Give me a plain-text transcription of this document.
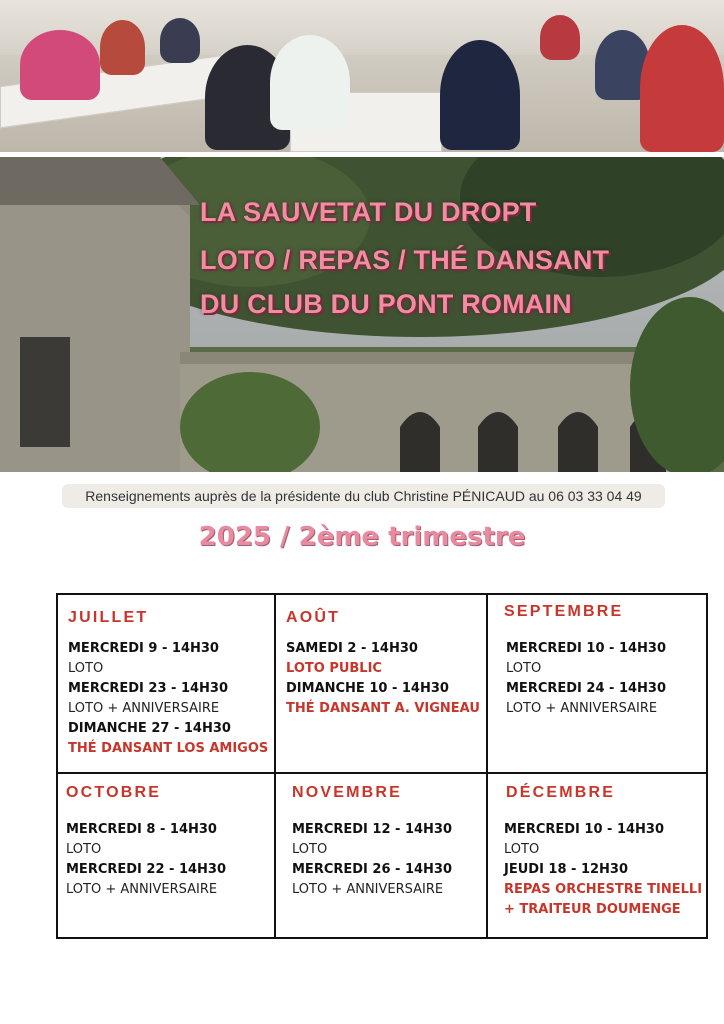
LA SAUVETAT DU DROPT

LOTO / REPAS / THÉ DANSANT

DU CLUB DU PONT ROMAIN

Renseignements auprès de la présidente du club Christine PÉNICAUD au 06 03 33 04 49
2025 / 2ème trimestre
JUILLET
MERCREDI 9 - 14H30
LOTO
MERCREDI 23 - 14H30
LOTO + ANNIVERSAIRE
DIMANCHE 27 - 14H30
THÉ DANSANT LOS AMIGOS
AOÛT
SAMEDI 2 - 14H30
LOTO PUBLIC
DIMANCHE 10 - 14H30
THÉ DANSANT A. VIGNEAU
SEPTEMBRE
MERCREDI 10 - 14H30
LOTO
MERCREDI 24 - 14H30
LOTO + ANNIVERSAIRE
OCTOBRE
MERCREDI 8 - 14H30
LOTO
MERCREDI 22 - 14H30
LOTO + ANNIVERSAIRE
NOVEMBRE
MERCREDI 12 - 14H30
LOTO
MERCREDI 26 - 14H30
LOTO + ANNIVERSAIRE
DÉCEMBRE
MERCREDI 10 - 14H30
LOTO
JEUDI 18 - 12H30
REPAS ORCHESTRE TINELLI
+ TRAITEUR DOUMENGE
